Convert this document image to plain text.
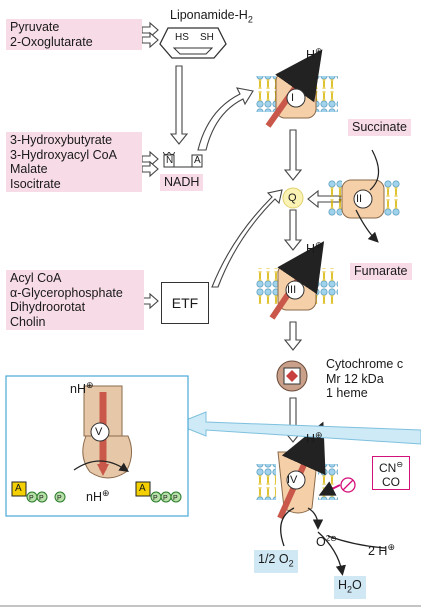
Pyruvate
2-Oxoglutarate
Liponamide-$H_2$
HS SH
3-Hydroxybutyrate
3-Hydroxyacyl CoA
Malate
Isocitrate
N A
NADH
Acyl CoA
α-Glycerophosphate
Dihydroorotat
Cholin
ETF
I
II
III
IV
V
H⊕
H⊕
H⊕
nH⊕
nH⊕
A	A
P P P	P P P
Q
Succinate
Fumarate
Cytochrome c
Mr 12 kDa
1 heme
CN⊖
CO
1/2 $O_2$
$O^{2⊖}$
2 H⊕
$H_2O$
